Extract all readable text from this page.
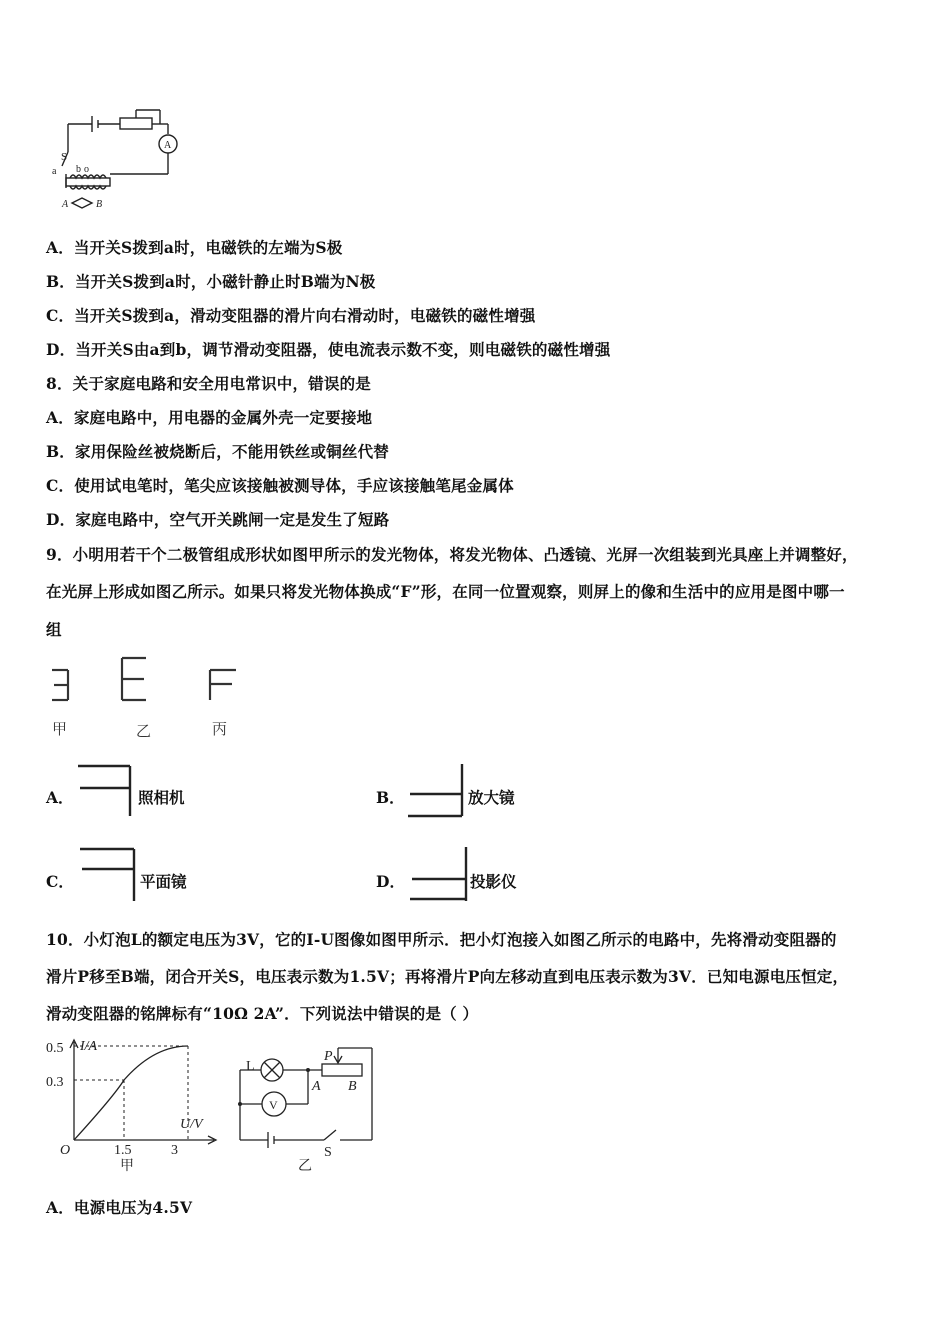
S
a b o
A
A	B
A．当开关S拨到a时，电磁铁的左端为S极
B．当开关S拨到a时，小磁针静止时B端为N极
C．当开关S拨到a，滑动变阻器的滑片向右滑动时，电磁铁的磁性增强
D．当开关S由a到b，调节滑动变阻器，使电流表示数不变，则电磁铁的磁性增强
8．关于家庭电路和安全用电常识中，错误的是
A．家庭电路中，用电器的金属外壳一定要接地
B．家用保险丝被烧断后，不能用铁丝或铜丝代替
C．使用试电笔时，笔尖应该接触被测导体，手应该接触笔尾金属体
D．家庭电路中，空气开关跳闸一定是发生了短路
9．小明用若干个二极管组成形状如图甲所示的发光物体，将发光物体、凸透镜、光屏一次组装到光具座上并调整好，
在光屏上形成如图乙所示。如果只将发光物体换成“F”形，在同一位置观察，则屏上的像和生活中的应用是图中哪一
组
甲	乙	丙
A．	照相机	B．	放大镜
C．	平面镜	D．	投影仪
10．小灯泡L的额定电压为3V，它的I-U图像如图甲所示．把小灯泡接入如图乙所示的电路中，先将滑动变阻器的
滑片P移至B端，闭合开关S，电压表示数为1.5V；再将滑片P向左移动直到电压表示数为3V．已知电源电压恒定，
滑动变阻器的铭牌标有“10Ω 2A”．下列说法中错误的是（ ）
I/A
U/V
0.5
0.3
O	1.5	3
甲
L
V
P
A B
S
乙
A．电源电压为4.5V
